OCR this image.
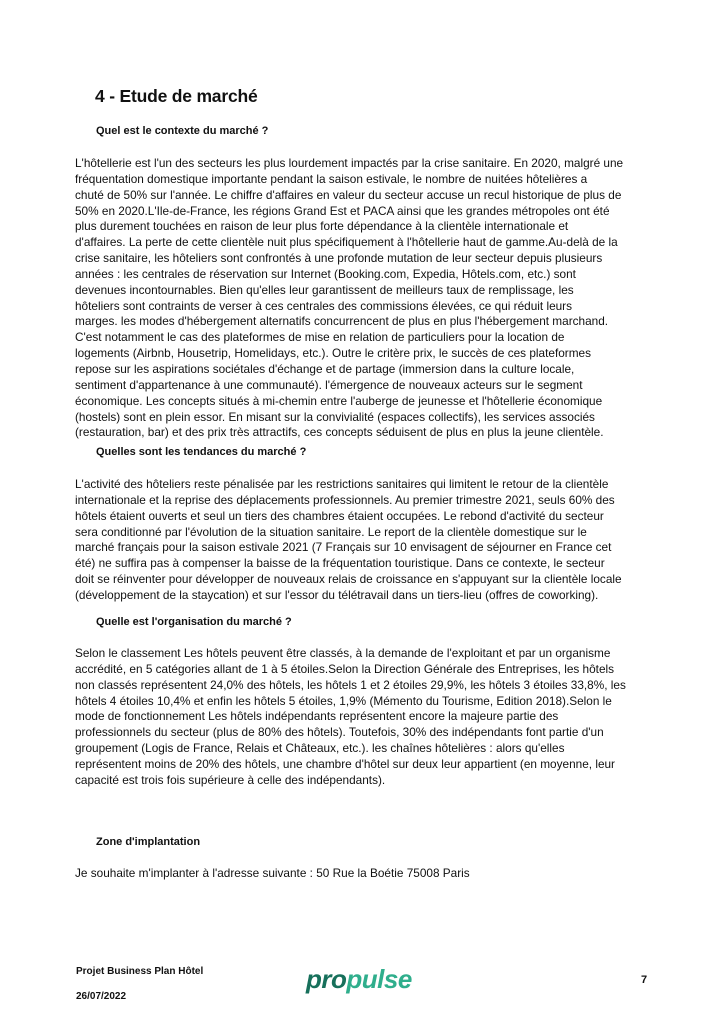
4 - Etude de marché
Quel est le contexte du marché ?
L'hôtellerie est l'un des secteurs les plus lourdement impactés par la crise sanitaire. En 2020, malgré une
fréquentation domestique importante pendant la saison estivale, le nombre de nuitées hôtelières a
chuté de 50% sur l'année. Le chiffre d'affaires en valeur du secteur accuse un recul historique de plus de
50% en 2020.L'Ile-de-France, les régions Grand Est et PACA ainsi que les grandes métropoles ont été
plus durement touchées en raison de leur plus forte dépendance à la clientèle internationale et
d'affaires. La perte de cette clientèle nuit plus spécifiquement à l'hôtellerie haut de gamme.Au-delà de la
crise sanitaire, les hôteliers sont confrontés à une profonde mutation de leur secteur depuis plusieurs
années : les centrales de réservation sur Internet (Booking.com, Expedia, Hôtels.com, etc.) sont
devenues incontournables. Bien qu'elles leur garantissent de meilleurs taux de remplissage, les
hôteliers sont contraints de verser à ces centrales des commissions élevées, ce qui réduit leurs
marges. les modes d'hébergement alternatifs concurrencent de plus en plus l'hébergement marchand.
C'est notamment le cas des plateformes de mise en relation de particuliers pour la location de
logements (Airbnb, Housetrip, Homelidays, etc.). Outre le critère prix, le succès de ces plateformes
repose sur les aspirations sociétales d'échange et de partage (immersion dans la culture locale,
sentiment d'appartenance à une communauté). l'émergence de nouveaux acteurs sur le segment
économique. Les concepts situés à mi-chemin entre l'auberge de jeunesse et l'hôtellerie économique
(hostels) sont en plein essor. En misant sur la convivialité (espaces collectifs), les services associés
(restauration, bar) et des prix très attractifs, ces concepts séduisent de plus en plus la jeune clientèle.
Quelles sont les tendances du marché ?
L'activité des hôteliers reste pénalisée par les restrictions sanitaires qui limitent le retour de la clientèle
internationale et la reprise des déplacements professionnels. Au premier trimestre 2021, seuls 60% des
hôtels étaient ouverts et seul un tiers des chambres étaient occupées. Le rebond d'activité du secteur
sera conditionné par l'évolution de la situation sanitaire. Le report de la clientèle domestique sur le
marché français pour la saison estivale 2021 (7 Français sur 10 envisagent de séjourner en France cet
été) ne suffira pas à compenser la baisse de la fréquentation touristique. Dans ce contexte, le secteur
doit se réinventer pour développer de nouveaux relais de croissance en s'appuyant sur la clientèle locale
(développement de la staycation) et sur l'essor du télétravail dans un tiers-lieu (offres de coworking).
Quelle est l'organisation du marché ?
Selon le classement Les hôtels peuvent être classés, à la demande de l'exploitant et par un organisme
accrédité, en 5 catégories allant de 1 à 5 étoiles.Selon la Direction Générale des Entreprises, les hôtels
non classés représentent 24,0% des hôtels, les hôtels 1 et 2 étoiles 29,9%, les hôtels 3 étoiles 33,8%, les
hôtels 4 étoiles 10,4% et enfin les hôtels 5 étoiles, 1,9% (Mémento du Tourisme, Edition 2018).Selon le
mode de fonctionnement Les hôtels indépendants représentent encore la majeure partie des
professionnels du secteur (plus de 80% des hôtels). Toutefois, 30% des indépendants font partie d'un
groupement (Logis de France, Relais et Châteaux, etc.). les chaînes hôtelières : alors qu'elles
représentent moins de 20% des hôtels, une chambre d'hôtel sur deux leur appartient (en moyenne, leur
capacité est trois fois supérieure à celle des indépendants).
Zone d'implantation

Je souhaite m'implanter à l'adresse suivante : 50 Rue la Boétie 75008 Paris

Projet Business Plan Hôtel
26/07/2022
propulse	7
